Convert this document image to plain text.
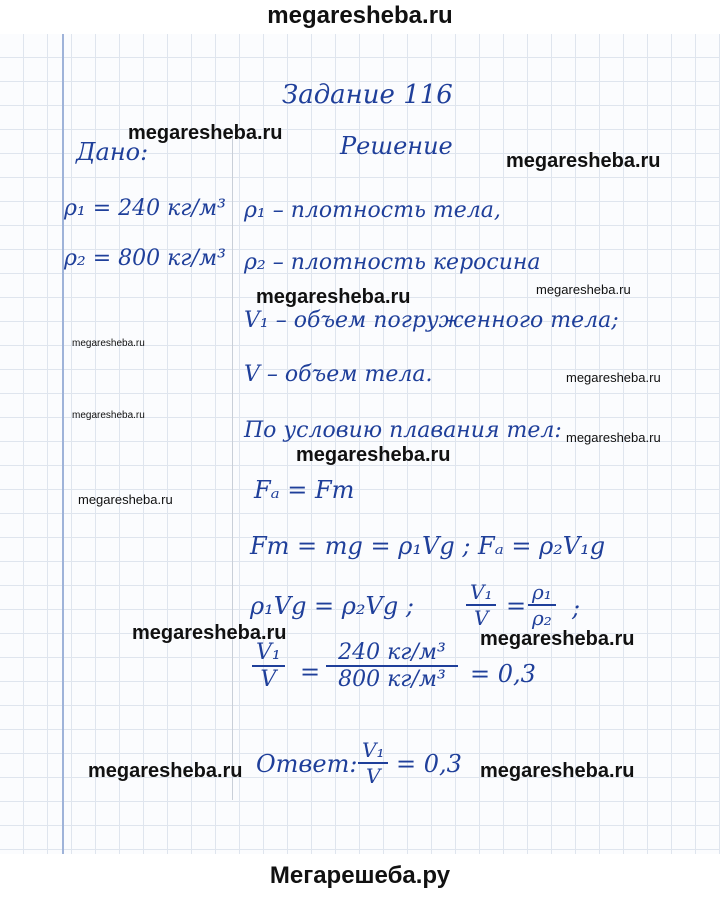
megaresheba.ru
Задание 116
Дано:	Решение
ρ₁ = 240 кг/м³
ρ₂ = 800 кг/м³
ρ₁ – плотность тела,
ρ₂ – плотность керосина
V₁ – объем погруженного тела;
V – объем тела.
По условию плавания тел:
Fₐ = Fт
Fт = mg = ρ₁Vg ; Fₐ = ρ₂V₁g
ρ₁Vg = ρ₂Vg ;	$\frac{\text{V₁}}{V} = \frac{\text{ρ₁}}{\text{ρ₂}}$ ;
$\frac{\text{V₁}}{V}$ =
240 кг/м³
800 кг/м³ = 0,3
Ответ: $\frac{\text{V₁}}{V} = 0,3$
megaresheba.ru
megaresheba.ru
megaresheba.ru
megaresheba.ru
megaresheba.ru
megaresheba.ru
megaresheba.ru
megaresheba.ru
megaresheba.ru
megaresheba.ru
megaresheba.ru	megaresheba.ru
megaresheba.ru	megaresheba.ru
Мегарешеба.ру
